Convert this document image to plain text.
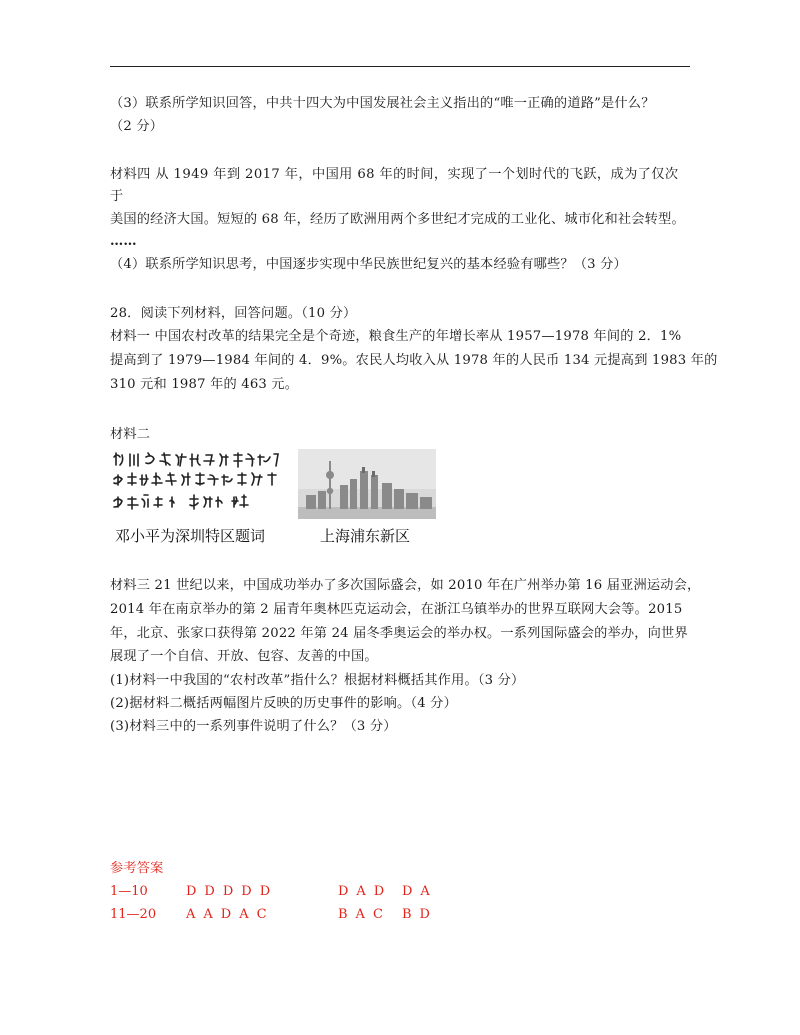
（3）联系所学知识回答，中共十四大为中国发展社会主义指出的“唯一正确的道路”是什么？
（2 分）
材料四 从 1949 年到 2017 年，中国用 68 年的时间，实现了一个划时代的飞跃，成为了仅次
于
美国的经济大国。短短的 68 年，经历了欧洲用两个多世纪才完成的工业化、城市化和社会转型。
……
（4）联系所学知识思考，中国逐步实现中华民族世纪复兴的基本经验有哪些？（3 分）
28．阅读下列材料，回答问题。（10 分）
材料一 中国农村改革的结果完全是个奇迹，粮食生产的年增长率从 1957—1978 年间的 2．1%
提高到了 1979—1984 年间的 4．9%。农民人均收入从 1978 年的人民币 134 元提高到 1983 年的
310 元和 1987 年的 463 元。
材料二
邓小平为深圳特区题词	上海浦东新区
材料三 21 世纪以来，中国成功举办了多次国际盛会，如 2010 年在广州举办第 16 届亚洲运动会，
2014 年在南京举办的第 2 届青年奥林匹克运动会，在浙江乌镇举办的世界互联网大会等。2015
年，北京、张家口获得第 2022 年第 24 届冬季奥运会的举办权。一系列国际盛会的举办，向世界
展现了一个自信、开放、包容、友善的中国。
(1)材料一中我国的“农村改革”指什么？根据材料概括其作用。（3 分）
(2)据材料二概括两幅图片反映的历史事件的影响。（4 分）
(3)材料三中的一系列事件说明了什么？（3 分）
参考答案
1—10	DDDDD	DAD DA
11—20 AADAC	BAC BD
